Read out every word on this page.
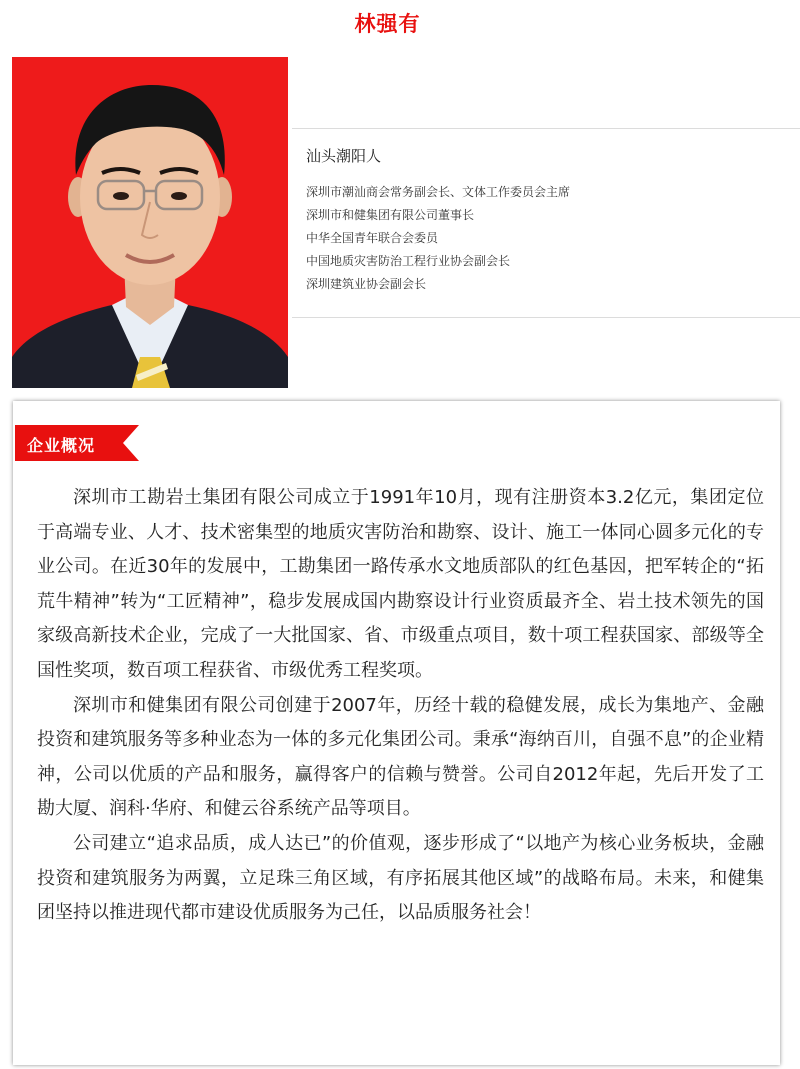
林强有
汕头潮阳人
深圳市潮汕商会常务副会长、文体工作委员会主席
深圳市和健集团有限公司董事长
中华全国青年联合会委员
中国地质灾害防治工程行业协会副会长
深圳建筑业协会副会长
企业概况

深圳市工勘岩土集团有限公司成立于1991年10月，现有注册资本3.2亿元，集团定位于高端专业、人才、技术密集型的地质灾害防治和勘察、设计、施工一体同心圆多元化的专业公司。在近30年的发展中，工勘集团一路传承水文地质部队的红色基因，把军转企的“拓荒牛精神”转为“工匠精神”，稳步发展成国内勘察设计行业资质最齐全、岩土技术领先的国家级高新技术企业，完成了一大批国家、省、市级重点项目，数十项工程获国家、部级等全国性奖项，数百项工程获省、市级优秀工程奖项。

深圳市和健集团有限公司创建于2007年，历经十载的稳健发展，成长为集地产、金融投资和建筑服务等多种业态为一体的多元化集团公司。秉承“海纳百川，自强不息”的企业精神，公司以优质的产品和服务，赢得客户的信赖与赞誉。公司自2012年起，先后开发了工勘大厦、润科·华府、和健云谷系统产品等项目。

公司建立“追求品质，成人达已”的价值观，逐步形成了“以地产为核心业务板块，金融投资和建筑服务为两翼，立足珠三角区域，有序拓展其他区域”的战略布局。未来，和健集团坚持以推进现代都市建设优质服务为己任，以品质服务社会！
